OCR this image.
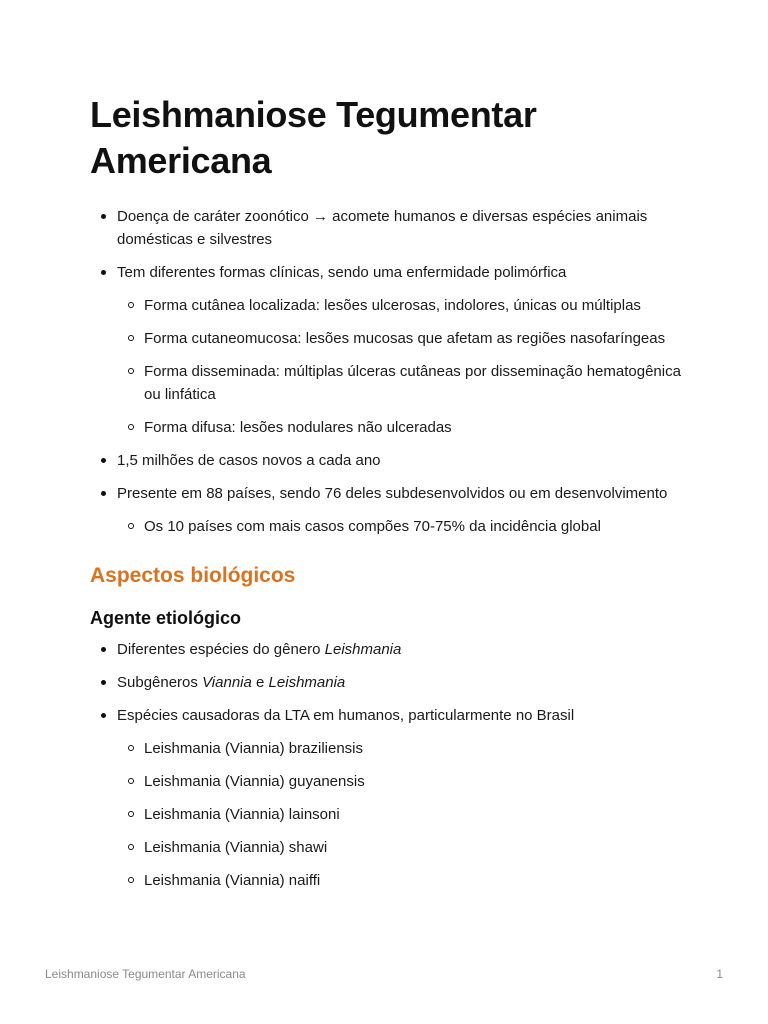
Leishmaniose Tegumentar Americana
Doença de caráter zoonótico → acomete humanos e diversas espécies animais domésticas e silvestres
Tem diferentes formas clínicas, sendo uma enfermidade polimórfica
Forma cutânea localizada: lesões ulcerosas, indolores, únicas ou múltiplas
Forma cutaneomucosa: lesões mucosas que afetam as regiões nasofaríngeas
Forma disseminada: múltiplas úlceras cutâneas por disseminação hematogênica ou linfática
Forma difusa: lesões nodulares não ulceradas
1,5 milhões de casos novos a cada ano
Presente em 88 países, sendo 76 deles subdesenvolvidos ou em desenvolvimento
Os 10 países com mais casos compões 70-75% da incidência global
Aspectos biológicos
Agente etiológico
Diferentes espécies do gênero Leishmania
Subgêneros Viannia e Leishmania
Espécies causadoras da LTA em humanos, particularmente no Brasil
Leishmania (Viannia) braziliensis
Leishmania (Viannia) guyanensis
Leishmania (Viannia) lainsoni
Leishmania (Viannia) shawi
Leishmania (Viannia) naiffi
Leishmaniose Tegumentar Americana	1
